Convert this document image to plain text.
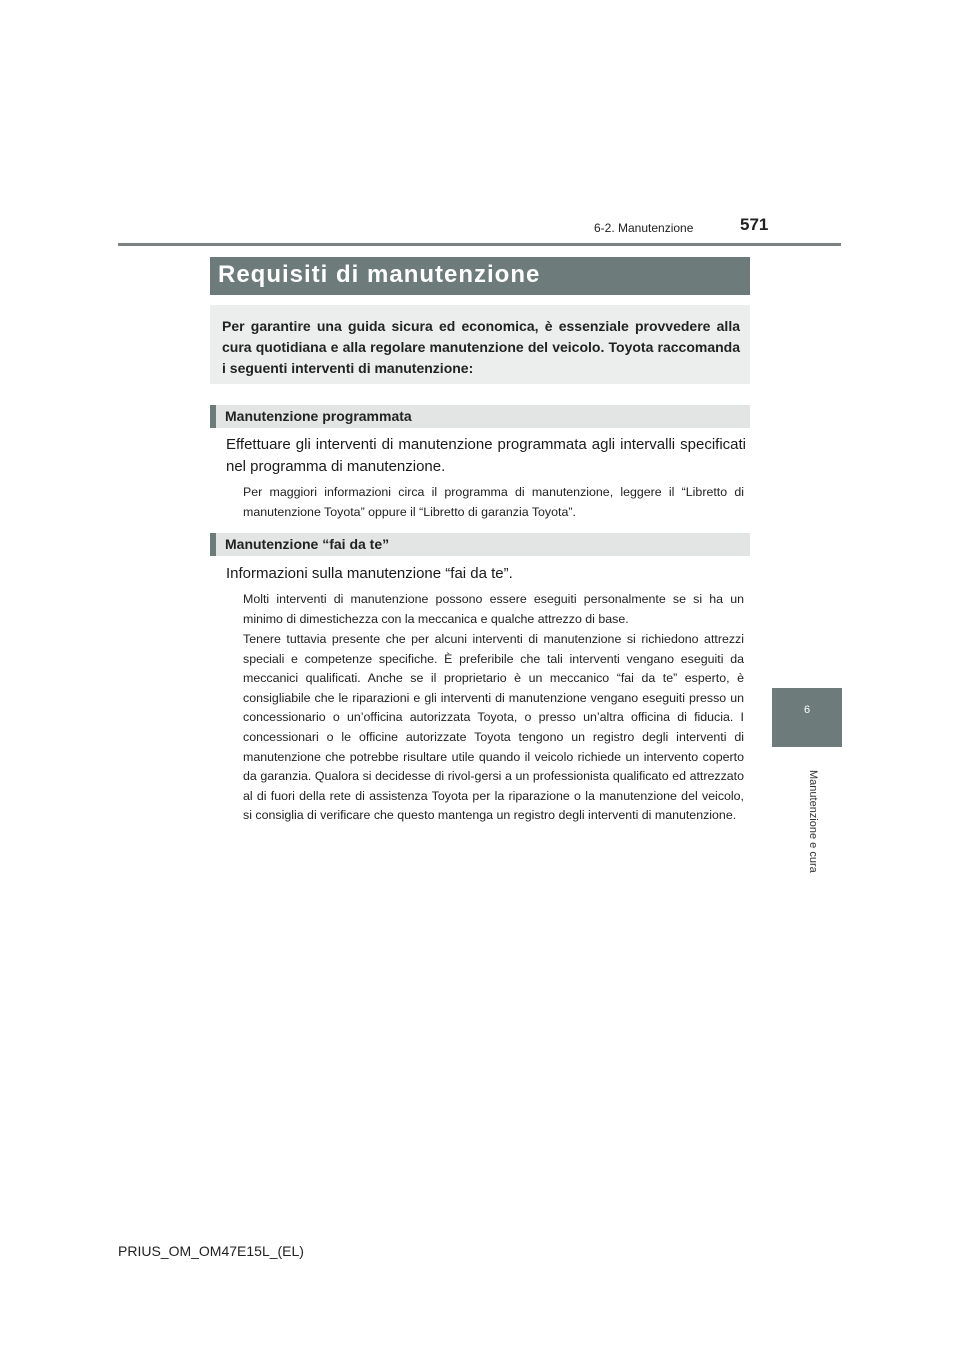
6-2. Manutenzione	571
6
Manutenzione e cura
Requisiti di manutenzione

Per garantire una guida sicura ed economica, è essenziale provvedere alla cura quotidiana e alla regolare manutenzione del veicolo. Toyota raccomanda i seguenti interventi di manutenzione:

Manutenzione programmata
Effettuare gli interventi di manutenzione programmata agli intervalli specificati nel programma di manutenzione.

Per maggiori informazioni circa il programma di manutenzione, leggere il “Libretto di manutenzione Toyota” oppure il “Libretto di garanzia Toyota”.

Manutenzione “fai da te”
Informazioni sulla manutenzione “fai da te”.

Molti interventi di manutenzione possono essere eseguiti personalmente se si ha un minimo di dimestichezza con la meccanica e qualche attrezzo di base.

Tenere tuttavia presente che per alcuni interventi di manutenzione si richiedono attrezzi speciali e competenze specifiche. È preferibile che tali interventi vengano eseguiti da meccanici qualificati. Anche se il proprietario è un meccanico “fai da te” esperto, è consigliabile che le riparazioni e gli interventi di manutenzione vengano eseguiti presso un concessionario o un’officina autorizzata Toyota, o presso un’altra officina di fiducia. I concessionari o le officine autorizzate Toyota tengono un registro degli interventi di manutenzione che potrebbe risultare utile quando il veicolo richiede un intervento coperto da garanzia. Qualora si decidesse di rivol-gersi a un professionista qualificato ed attrezzato al di fuori della rete di assistenza Toyota per la riparazione o la manutenzione del veicolo, si consiglia di verificare che questo mantenga un registro degli interventi di manutenzione.

PRIUS_OM_OM47E15L_(EL)
